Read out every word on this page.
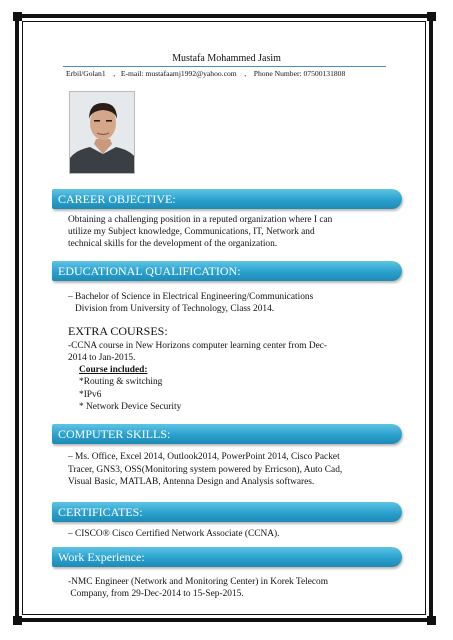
Mustafa Mohammed Jasim
Erbil/Golan1    ,   E-mail: mustafaamj1992@yahoo.com    ,    Phone Number: 07500131808
CAREER OBJECTIVE:
Obtaining a challenging position in a reputed organization where I can
utilize my Subject knowledge, Communications, IT, Network and
technical skills for the development of the organization.
EDUCATIONAL QUALIFICATION:
– Bachelor of Science in Electrical Engineering/Communications
Division from University of Technology, Class 2014.
EXTRA COURSES:
-CCNA course in New Horizons computer learning center from Dec-
2014 to Jan-2015.
Course included:
*Routing & switching
*IPv6
* Network Device Security
COMPUTER SKILLS:
– Ms. Office, Excel 2014, Outlook2014, PowerPoint 2014, Cisco Packet
Tracer, GNS3, OSS(Monitoring system powered by Erricson), Auto Cad,
Visual Basic, MATLAB, Antenna Design and Analysis softwares.
CERTIFICATES:
– CISCO® Cisco Certified Network Associate (CCNA).
Work Experience:
-NMC Engineer (Network and Monitoring Center) in Korek Telecom
Company, from 29-Dec-2014 to 15-Sep-2015.
